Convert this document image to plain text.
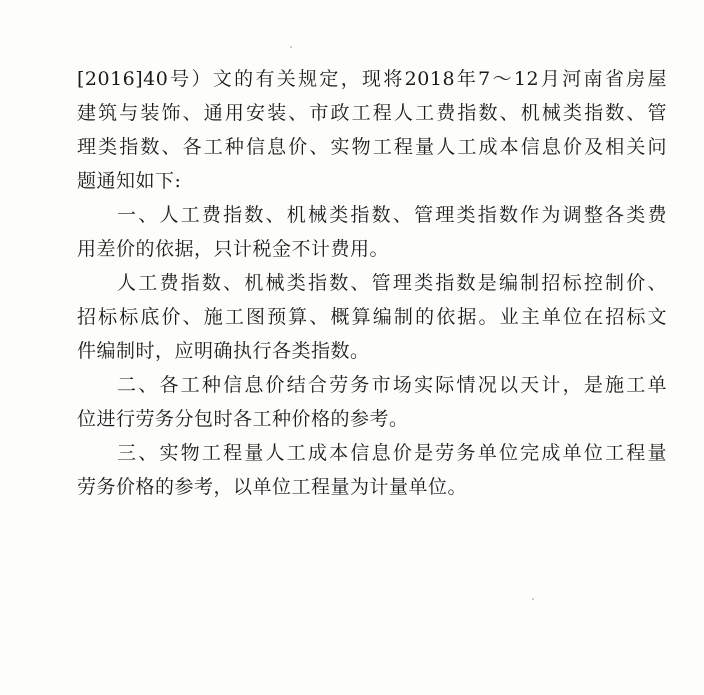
[2016]40号）文的有关规定，现将2018年7～12月河南省房屋
建筑与装饰、通用安装、市政工程人工费指数、机械类指数、管
理类指数、各工种信息价、实物工程量人工成本信息价及相关问
题通知如下:
一、人工费指数、机械类指数、管理类指数作为调整各类费
用差价的依据，只计税金不计费用。
人工费指数、机械类指数、管理类指数是编制招标控制价、
招标标底价、施工图预算、概算编制的依据。业主单位在招标文
件编制时，应明确执行各类指数。
二、各工种信息价结合劳务市场实际情况以天计，是施工单
位进行劳务分包时各工种价格的参考。
三、实物工程量人工成本信息价是劳务单位完成单位工程量
劳务价格的参考，以单位工程量为计量单位。
